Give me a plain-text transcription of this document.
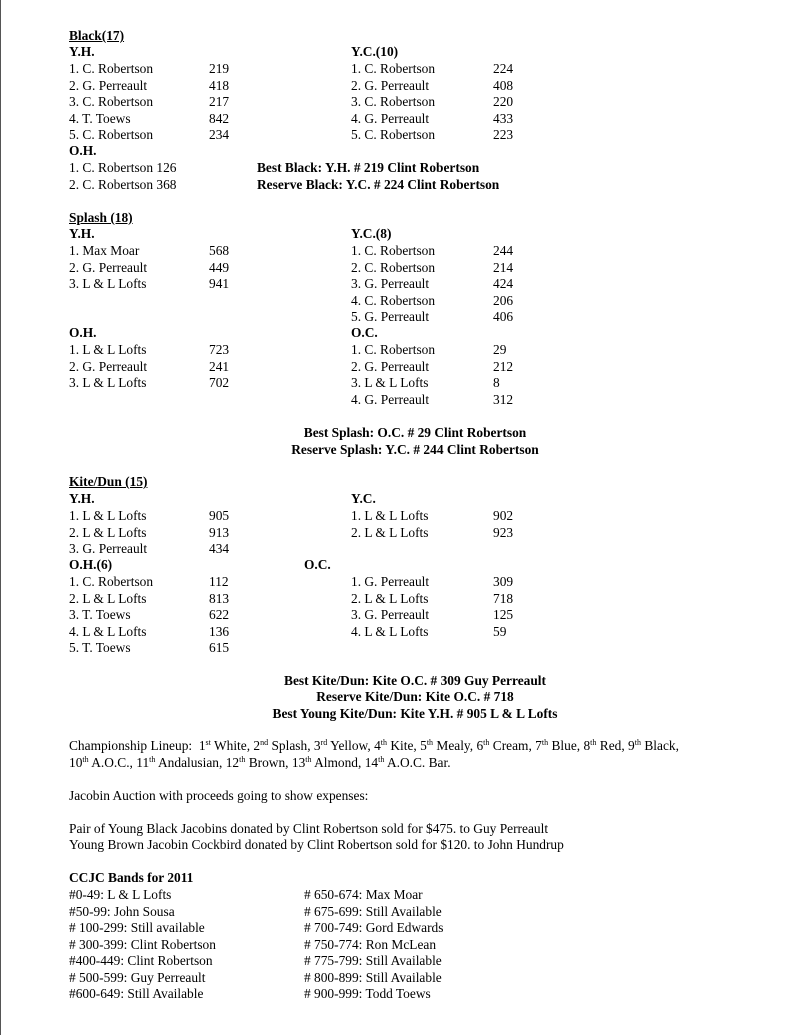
Black(17)
Y.H.
1. C. Robertson	219
2. G. Perreault	418
3. C. Robertson	217
4. T. Toews	842
5. C. Robertson	234
Y.C.(10)
1. C. Robertson	224
2. G. Perreault	408
3. C. Robertson	220
4. G. Perreault	433
5. C. Robertson	223
O.H.
1. C. Robertson 126
2. C. Robertson 368
Best Black: Y.H. # 219 Clint Robertson
Reserve Black: Y.C. # 224 Clint Robertson
Splash (18)
Y.H.
1. Max Moar	568
2. G. Perreault	449
3. L & L Lofts	941
Y.C.(8)
1. C. Robertson	244
2. C. Robertson	214
3. G. Perreault	424
4. C. Robertson	206
5. G. Perreault	406
O.H.
1. L & L Lofts	723
2. G. Perreault	241
3. L & L Lofts	702
O.C.
1. C. Robertson	29
2. G. Perreault	212
3. L & L Lofts	8
4. G. Perreault	312
Best Splash: O.C. # 29 Clint Robertson
Reserve Splash: Y.C. # 244 Clint Robertson
Kite/Dun (15)
Y.H.
1. L & L Lofts	905
2. L & L Lofts	913
3. G. Perreault	434
Y.C.
1. L & L Lofts	902
2. L & L Lofts	923
O.H.(6)
1. C. Robertson	112
2. L & L Lofts	813
3. T. Toews	622
4. L & L Lofts	136
5. T. Toews	615
O.C.
1. G. Perreault	309
2. L & L Lofts	718
3. G. Perreault	125
4. L & L Lofts	59
Best Kite/Dun: Kite O.C. # 309 Guy Perreault
Reserve Kite/Dun: Kite O.C. # 718
Best Young Kite/Dun: Kite Y.H. # 905 L & L Lofts
Championship Lineup: 1st White, 2nd Splash, 3rd Yellow, 4th Kite, 5th Mealy, 6th Cream, 7th Blue, 8th Red, 9th Black,
10th A.O.C., 11th Andalusian, 12th Brown, 13th Almond, 14th A.O.C. Bar.
Jacobin Auction with proceeds going to show expenses:
Pair of Young Black Jacobins donated by Clint Robertson sold for $475. to Guy Perreault
Young Brown Jacobin Cockbird donated by Clint Robertson sold for $120. to John Hundrup
CCJC Bands for 2011
#0-49: L & L Lofts
#50-99: John Sousa
# 100-299: Still available
# 300-399: Clint Robertson
#400-449: Clint Robertson
# 500-599: Guy Perreault
#600-649: Still Available
# 650-674: Max Moar
# 675-699: Still Available
# 700-749: Gord Edwards
# 750-774: Ron McLean
# 775-799: Still Available
# 800-899: Still Available
# 900-999: Todd Toews
